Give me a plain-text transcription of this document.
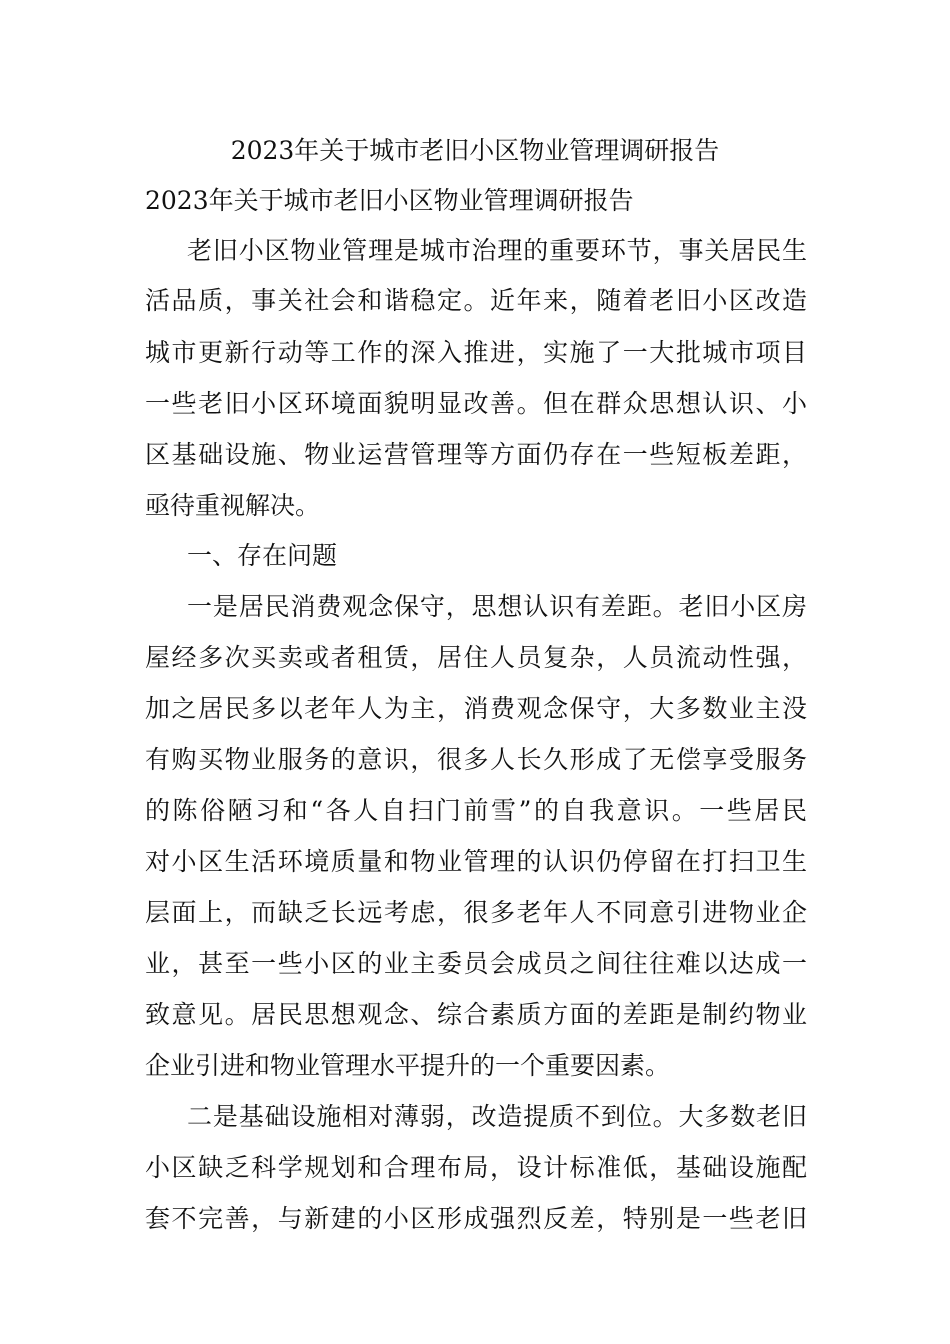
2023年关于城市老旧小区物业管理调研报告
2023年关于城市老旧小区物业管理调研报告
老旧小区物业管理是城市治理的重要环节，事关居民生
活品质，事关社会和谐稳定。近年来，随着老旧小区改造
城市更新行动等工作的深入推进，实施了一大批城市项目
一些老旧小区环境面貌明显改善。但在群众思想认识、小
区基础设施、物业运营管理等方面仍存在一些短板差距，
亟待重视解决。
一、存在问题
一是居民消费观念保守，思想认识有差距。老旧小区房
屋经多次买卖或者租赁，居住人员复杂，人员流动性强，
加之居民多以老年人为主，消费观念保守，大多数业主没
有购买物业服务的意识，很多人长久形成了无偿享受服务
的陈俗陋习和“各人自扫门前雪”的自我意识。一些居民
对小区生活环境质量和物业管理的认识仍停留在打扫卫生
层面上，而缺乏长远考虑，很多老年人不同意引进物业企
业，甚至一些小区的业主委员会成员之间往往难以达成一
致意见。居民思想观念、综合素质方面的差距是制约物业
企业引进和物业管理水平提升的一个重要因素。
二是基础设施相对薄弱，改造提质不到位。大多数老旧
小区缺乏科学规划和合理布局，设计标准低，基础设施配
套不完善，与新建的小区形成强烈反差，特别是一些老旧
